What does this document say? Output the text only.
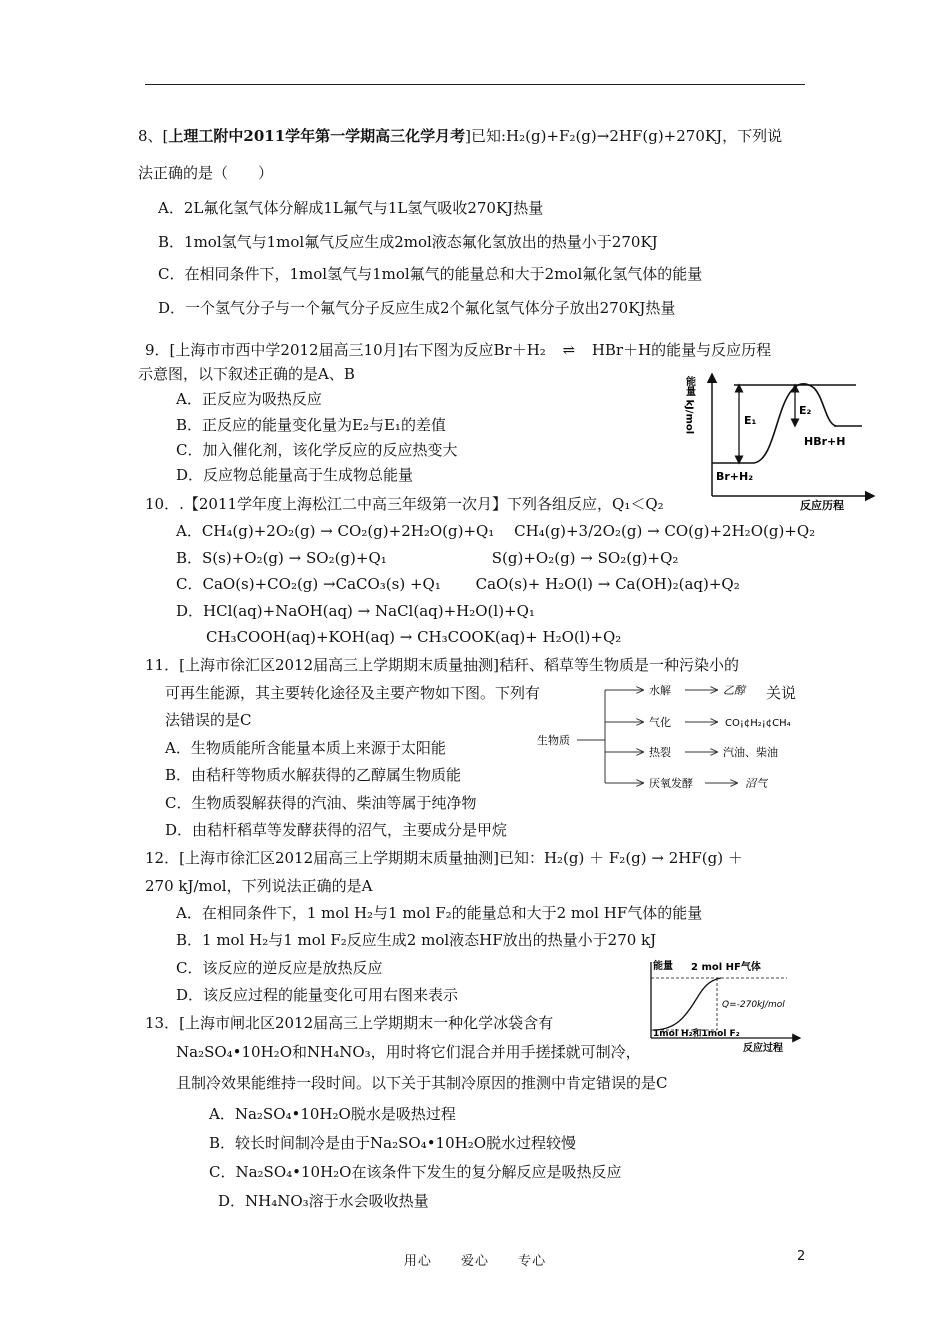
8、[上理工附中2011学年第一学期高三化学月考]已知:H₂(g)+F₂(g)→2HF(g)+270KJ，下列说
法正确的是（　　）
A．2L氟化氢气体分解成1L氟气与1L氢气吸收270KJ热量
B．1mol氢气与1mol氟气反应生成2mol液态氟化氢放出的热量小于270KJ
C．在相同条件下，1mol氢气与1mol氟气的能量总和大于2mol氟化氢气体的能量
D．一个氢气分子与一个氟气分子反应生成2个氟化氢气体分子放出270KJ热量
9．[上海市市西中学2012届高三10月]右下图为反应Br＋H₂ ⇌ HBr＋H的能量与反应历程
示意图，以下叙述正确的是A、B
A．正反应为吸热反应
B．正反应的能量变化量为E₂与E₁的差值
C．加入催化剂，该化学反应的反应热变大
D．反应物总能量高于生成物总能量
能量 kJ/mol	E₁
E₂
HBr+H
Br+H₂
反应历程
10．.【2011学年度上海松江二中高三年级第一次月】下列各组反应，Q₁＜Q₂
A．CH₄(g)+2O₂(g) → CO₂(g)+2H₂O(g)+Q₁　 CH₄(g)+3/2O₂(g) → CO(g)+2H₂O(g)+Q₂
B．S(s)+O₂(g) → SO₂(g)+Q₁　　　　　　　S(g)+O₂(g) → SO₂(g)+Q₂
C．CaO(s)+CO₂(g) →CaCO₃(s) +Q₁　　 CaO(s)+ H₂O(l) → Ca(OH)₂(aq)+Q₂
D．HCl(aq)+NaOH(aq) → NaCl(aq)+H₂O(l)+Q₁
　　CH₃COOH(aq)+KOH(aq) → CH₃COOK(aq)+ H₂O(l)+Q₂
11．[上海市徐汇区2012届高三上学期期末质量抽测]秸秆、稻草等生物质是一种污染小的
可再生能源，其主要转化途径及主要产物如下图。下列有	关说
法错误的是C
A．生物质能所含能量本质上来源于太阳能
B．由秸秆等物质水解获得的乙醇属生物质能
C．生物质裂解获得的汽油、柴油等属于纯净物
D．由秸杆稻草等发酵获得的沼气，主要成分是甲烷
生物质
水解
气化
热裂
厌氧发酵
乙醇
CO¡¢H₂¡¢CH₄
汽油、柴油
沼气
12．[上海市徐汇区2012届高三上学期期末质量抽测]已知：H₂(g) ＋ F₂(g) → 2HF(g) ＋
270 kJ/mol，下列说法正确的是A
A．在相同条件下，1 mol H₂与1 mol F₂的能量总和大于2 mol HF气体的能量
B．1 mol H₂与1 mol F₂反应生成2 mol液态HF放出的热量小于270 kJ
C．该反应的逆反应是放热反应
D．该反应过程的能量变化可用右图来表示
能量 2 mol HF气体
Q=-270kJ/mol
1mol H₂和1mol F₂
反应过程
13．[上海市闸北区2012届高三上学期期末一种化学冰袋含有
Na₂SO₄•10H₂O和NH₄NO₃，用时将它们混合并用手搓揉就可制冷，
且制冷效果能维持一段时间。以下关于其制冷原因的推测中肯定错误的是C
A．Na₂SO₄•10H₂O脱水是吸热过程
B．较长时间制冷是由于Na₂SO₄•10H₂O脱水过程较慢
C．Na₂SO₄•10H₂O在该条件下发生的复分解反应是吸热反应
D．NH₄NO₃溶于水会吸收热量
用心 爱心 专心	2
